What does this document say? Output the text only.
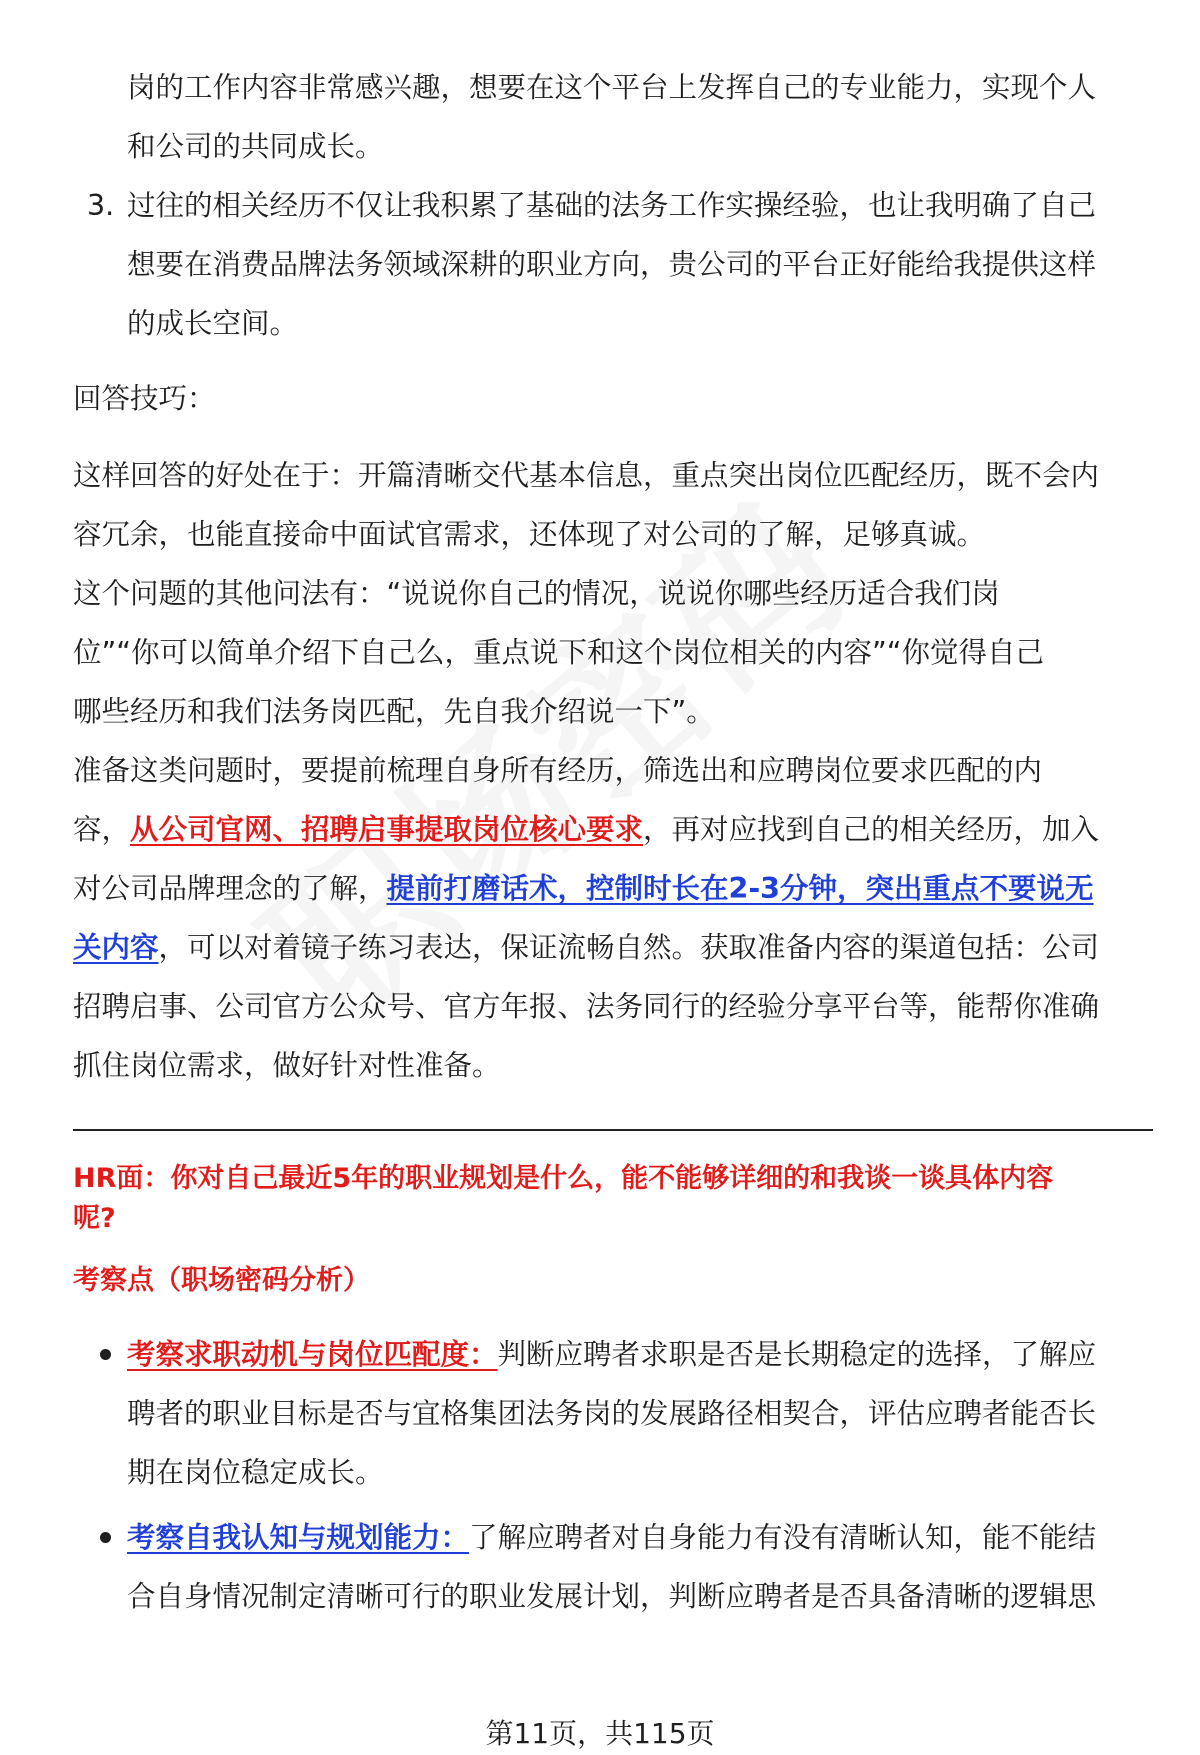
岗的工作内容非常感兴趣，想要在这个平台上发挥自己的专业能力，实现个人

和公司的共同成长。

3. 过往的相关经历不仅让我积累了基础的法务工作实操经验，也让我明确了自己

想要在消费品牌法务领域深耕的职业方向，贵公司的平台正好能给我提供这样

的成长空间。

回答技巧：

这样回答的好处在于：开篇清晰交代基本信息，重点突出岗位匹配经历，既不会内

容冗余，也能直接命中面试官需求，还体现了对公司的了解，足够真诚。

这个问题的其他问法有：“说说你自己的情况，说说你哪些经历适合我们岗

位”“你可以简单介绍下自己么，重点说下和这个岗位相关的内容”“你觉得自己

哪些经历和我们法务岗匹配，先自我介绍说一下”。

准备这类问题时，要提前梳理自身所有经历，筛选出和应聘岗位要求匹配的内

容，从公司官网、招聘启事提取岗位核心要求，再对应找到自己的相关经历，加入

对公司品牌理念的了解，提前打磨话术，控制时长在2-3分钟，突出重点不要说无

关内容，可以对着镜子练习表达，保证流畅自然。获取准备内容的渠道包括：公司

招聘启事、公司官方公众号、官方年报、法务同行的经验分享平台等，能帮你准确

抓住岗位需求，做好针对性准备。

HR面：你对自己最近5年的职业规划是什么，能不能够详细的和我谈一谈具体内容

呢?

考察点（职场密码分析）

考察求职动机与岗位匹配度：判断应聘者求职是否是长期稳定的选择，了解应
聘者的职业目标是否与宜格集团法务岗的发展路径相契合，评估应聘者能否长
期在岗位稳定成长。
考察自我认知与规划能力：了解应聘者对自身能力有没有清晰认知，能不能结
合自身情况制定清晰可行的职业发展计划，判断应聘者是否具备清晰的逻辑思
第11页，共115页
